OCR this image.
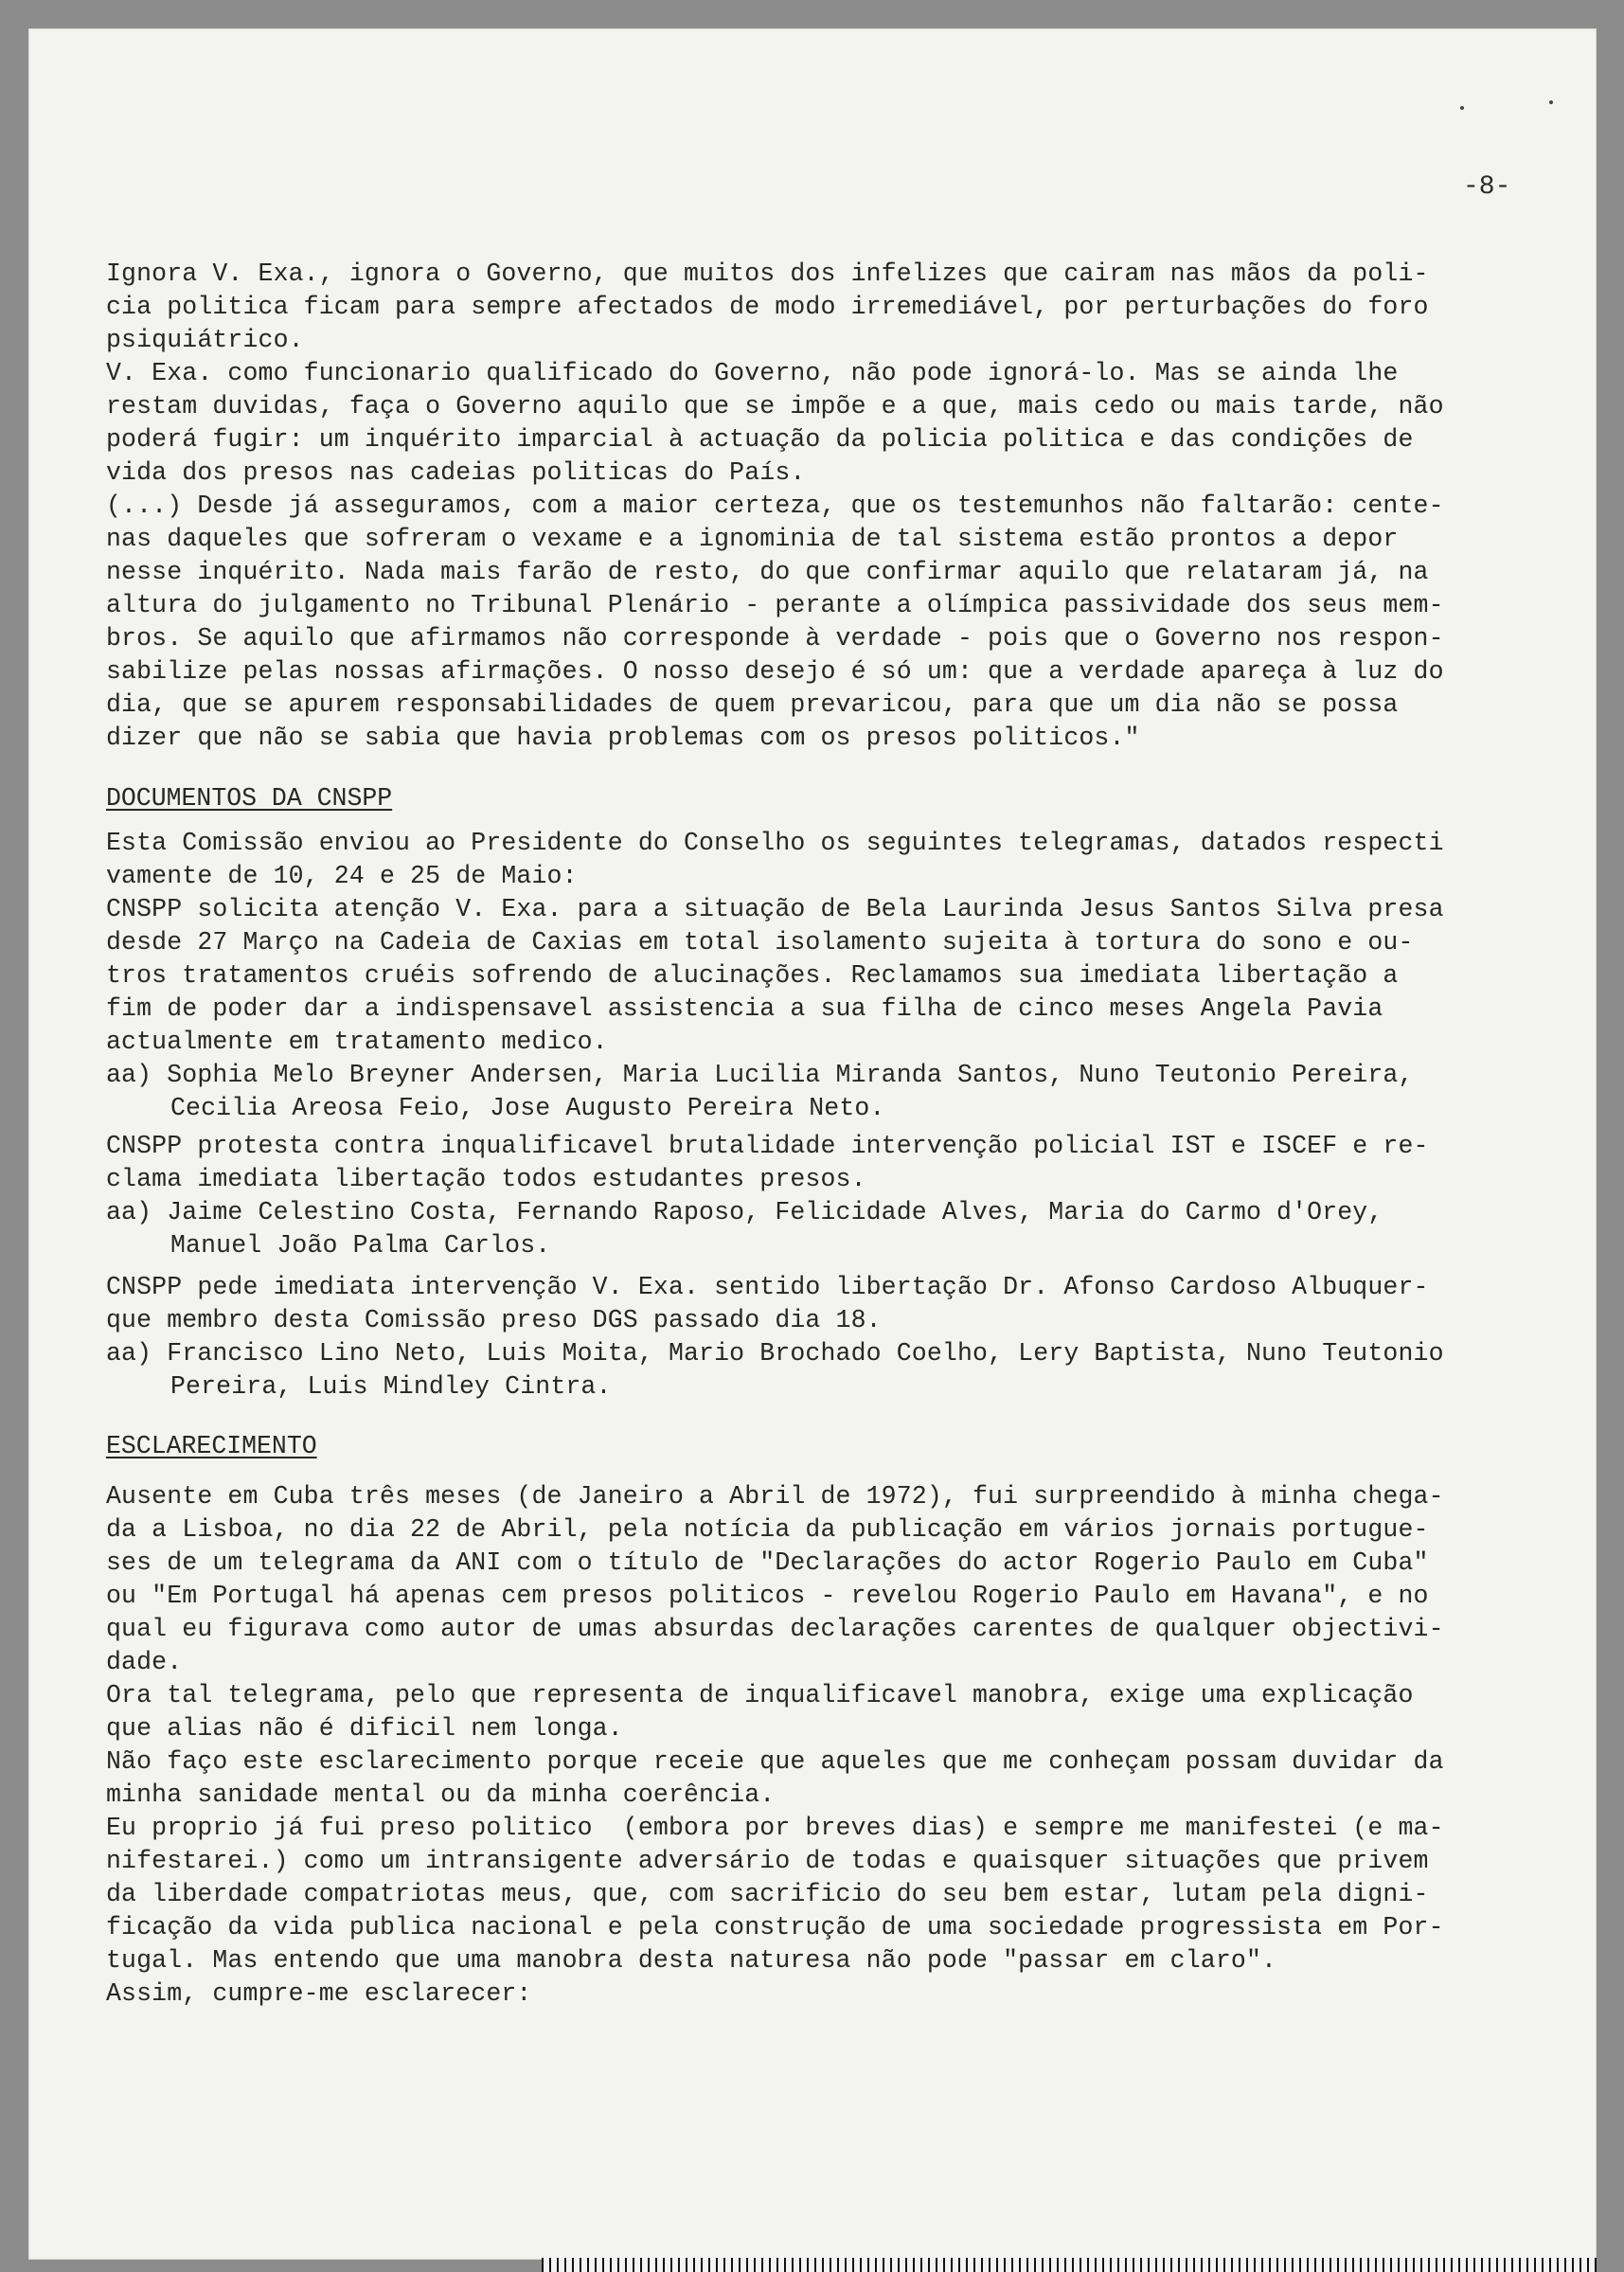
-8-
Ignora V. Exa., ignora o Governo, que muitos dos infelizes que cairam nas mãos da poli-
cia politica ficam para sempre afectados de modo irremediável, por perturbações do foro
psiquiátrico.
V. Exa. como funcionario qualificado do Governo, não pode ignorá-lo. Mas se ainda lhe
restam duvidas, faça o Governo aquilo que se impõe e a que, mais cedo ou mais tarde, não
poderá fugir: um inquérito imparcial à actuação da policia politica e das condições de
vida dos presos nas cadeias politicas do País.
(...) Desde já asseguramos, com a maior certeza, que os testemunhos não faltarão: cente-
nas daqueles que sofreram o vexame e a ignominia de tal sistema estão prontos a depor
nesse inquérito. Nada mais farão de resto, do que confirmar aquilo que relataram já, na
altura do julgamento no Tribunal Plenário - perante a olímpica passividade dos seus mem-
bros. Se aquilo que afirmamos não corresponde à verdade - pois que o Governo nos respon-
sabilize pelas nossas afirmações. O nosso desejo é só um: que a verdade apareça à luz do
dia, que se apurem responsabilidades de quem prevaricou, para que um dia não se possa
dizer que não se sabia que havia problemas com os presos politicos."
DOCUMENTOS DA CNSPP
Esta Comissão enviou ao Presidente do Conselho os seguintes telegramas, datados respecti
vamente de 10, 24 e 25 de Maio:
CNSPP solicita atenção V. Exa. para a situação de Bela Laurinda Jesus Santos Silva presa
desde 27 Março na Cadeia de Caxias em total isolamento sujeita à tortura do sono e ou-
tros tratamentos cruéis sofrendo de alucinações. Reclamamos sua imediata libertação a
fim de poder dar a indispensavel assistencia a sua filha de cinco meses Angela Pavia
actualmente em tratamento medico.
aa) Sophia Melo Breyner Andersen, Maria Lucilia Miranda Santos, Nuno Teutonio Pereira,
Cecilia Areosa Feio, Jose Augusto Pereira Neto.
CNSPP protesta contra inqualificavel brutalidade intervenção policial IST e ISCEF e re-
clama imediata libertação todos estudantes presos.
aa) Jaime Celestino Costa, Fernando Raposo, Felicidade Alves, Maria do Carmo d'Orey,
Manuel João Palma Carlos.
CNSPP pede imediata intervenção V. Exa. sentido libertação Dr. Afonso Cardoso Albuquer-
que membro desta Comissão preso DGS passado dia 18.
aa) Francisco Lino Neto, Luis Moita, Mario Brochado Coelho, Lery Baptista, Nuno Teutonio
Pereira, Luis Mindley Cintra.
ESCLARECIMENTO
Ausente em Cuba três meses (de Janeiro a Abril de 1972), fui surpreendido à minha chega-
da a Lisboa, no dia 22 de Abril, pela notícia da publicação em vários jornais portugue-
ses de um telegrama da ANI com o título de "Declarações do actor Rogerio Paulo em Cuba"
ou "Em Portugal há apenas cem presos politicos - revelou Rogerio Paulo em Havana", e no
qual eu figurava como autor de umas absurdas declarações carentes de qualquer objectivi-
dade.
Ora tal telegrama, pelo que representa de inqualificavel manobra, exige uma explicação
que alias não é dificil nem longa.
Não faço este esclarecimento porque receie que aqueles que me conheçam possam duvidar da
minha sanidade mental ou da minha coerência.
Eu proprio já fui preso politico  (embora por breves dias) e sempre me manifestei (e ma-
nifestarei.) como um intransigente adversário de todas e quaisquer situações que privem
da liberdade compatriotas meus, que, com sacrificio do seu bem estar, lutam pela digni-
ficação da vida publica nacional e pela construção de uma sociedade progressista em Por-
tugal. Mas entendo que uma manobra desta naturesa não pode "passar em claro".
Assim, cumpre-me esclarecer:
